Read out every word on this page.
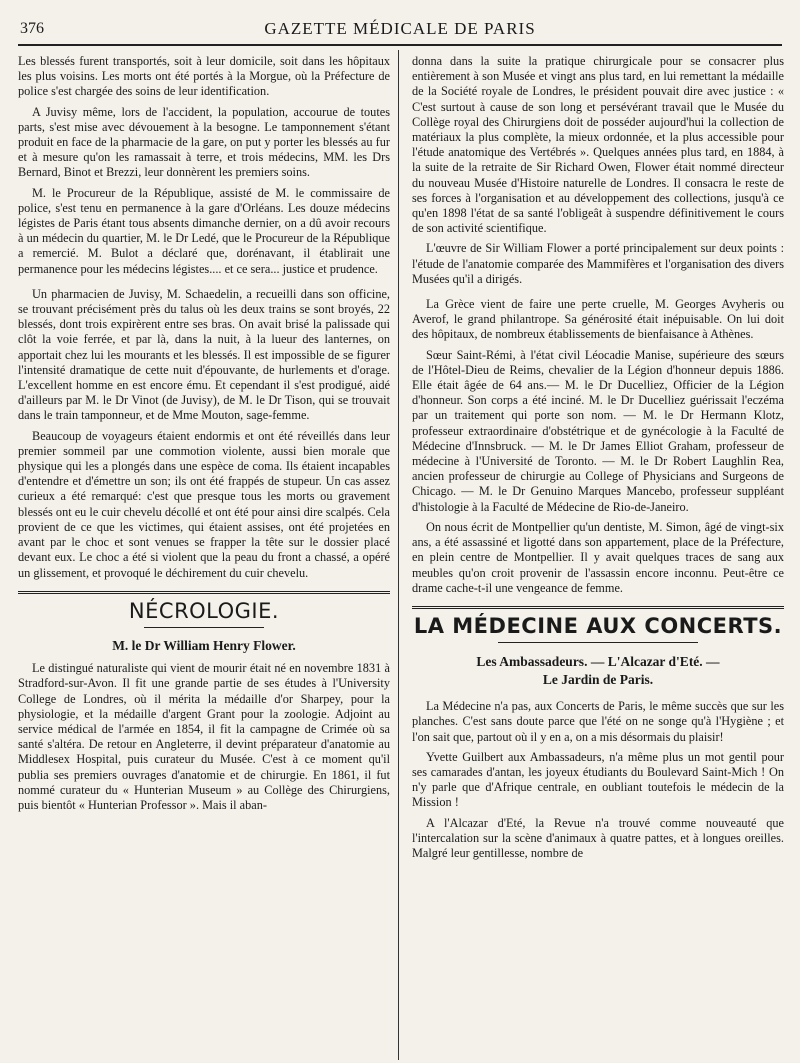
376	GAZETTE MÉDICALE DE PARIS

Les blessés furent transportés, soit à leur domicile, soit dans les hôpitaux les plus voisins. Les morts ont été portés à la Morgue, où la Préfecture de police s'est chargée des soins de leur identification.

A Juvisy même, lors de l'accident, la population, accourue de toutes parts, s'est mise avec dévouement à la besogne. Le tamponnement s'étant produit en face de la pharmacie de la gare, on put y porter les blessés au fur et à mesure qu'on les ramassait à terre, et trois médecins, MM. les Drs Bernard, Binot et Brezzi, leur donnèrent les premiers soins.

M. le Procureur de la République, assisté de M. le commissaire de police, s'est tenu en permanence à la gare d'Orléans. Les douze médecins légistes de Paris étant tous absents dimanche dernier, on a dû avoir recours à un médecin du quartier, M. le Dr Ledé, que le Procureur de la République a remercié. M. Bulot a déclaré que, dorénavant, il établirait une permanence pour les médecins légistes.... et ce sera... justice et prudence.

Un pharmacien de Juvisy, M. Schaedelin, a recueilli dans son officine, se trouvant précisément près du talus où les deux trains se sont broyés, 22 blessés, dont trois expirèrent entre ses bras. On avait brisé la palissade qui clôt la voie ferrée, et par là, dans la nuit, à la lueur des lanternes, on apportait chez lui les mourants et les blessés. Il est impossible de se figurer l'intensité dramatique de cette nuit d'épouvante, de hurlements et d'orage. L'excellent homme en est encore ému. Et cependant il s'est prodigué, aidé d'ailleurs par M. le Dr Vinot (de Juvisy), de M. le Dr Tison, qui se trouvait dans le train tamponneur, et de Mme Mouton, sage-femme.

Beaucoup de voyageurs étaient endormis et ont été réveillés dans leur premier sommeil par une commotion violente, aussi bien morale que physique qui les a plongés dans une espèce de coma. Ils étaient incapables d'entendre et d'émettre un son; ils ont été frappés de stupeur. Un cas assez curieux a été remarqué: c'est que presque tous les morts ou gravement blessés ont eu le cuir chevelu décollé et ont été pour ainsi dire scalpés. Cela provient de ce que les victimes, qui étaient assises, ont été projetées en avant par le choc et sont venues se frapper la tête sur le dossier placé devant eux. Le choc a été si violent que la peau du front a chassé, a opéré un glissement, et provoqué le déchirement du cuir chevelu.

NÉCROLOGIE.
M. le Dr William Henry Flower.

Le distingué naturaliste qui vient de mourir était né en novembre 1831 à Stradford-sur-Avon. Il fit une grande partie de ses études à l'University College de Londres, où il mérita la médaille d'or Sharpey, pour la physiologie, et la médaille d'argent Grant pour la zoologie. Adjoint au service médical de l'armée en 1854, il fit la campagne de Crimée où sa santé s'altéra. De retour en Angleterre, il devint préparateur d'anatomie au Middlesex Hospital, puis curateur du Musée. C'est à ce moment qu'il publia ses premiers ouvrages d'anatomie et de chirurgie. En 1861, il fut nommé curateur du « Hunterian Museum » au Collège des Chirurgiens, puis bientôt « Hunterian Professor ». Mais il aban-

donna dans la suite la pratique chirurgicale pour se consacrer plus entièrement à son Musée et vingt ans plus tard, en lui remettant la médaille de la Société royale de Londres, le président pouvait dire avec justice : « C'est surtout à cause de son long et persévérant travail que le Musée du Collège royal des Chirurgiens doit de posséder aujourd'hui la collection de matériaux la plus complète, la mieux ordonnée, et la plus accessible pour l'étude anatomique des Vertébrés ». Quelques années plus tard, en 1884, à la suite de la retraite de Sir Richard Owen, Flower était nommé directeur du nouveau Musée d'Histoire naturelle de Londres. Il consacra le reste de ses forces à l'organisation et au développement des collections, jusqu'à ce qu'en 1898 l'état de sa santé l'obligeât à suspendre définitivement le cours de son activité scientifique.

L'œuvre de Sir William Flower a porté principalement sur deux points : l'étude de l'anatomie comparée des Mammifères et l'organisation des divers Musées qu'il a dirigés.

La Grèce vient de faire une perte cruelle, M. Georges Avyheris ou Averof, le grand philantrope. Sa générosité était inépuisable. On lui doit des hôpitaux, de nombreux établissements de bienfaisance à Athènes.

Sœur Saint-Rémi, à l'état civil Léocadie Manise, supérieure des sœurs de l'Hôtel-Dieu de Reims, chevalier de la Légion d'honneur depuis 1886. Elle était âgée de 64 ans.— M. le Dr Ducelliez, Officier de la Légion d'honneur. Son corps a été inciné. M. le Dr Ducelliez guérissait l'eczéma par un traitement qui porte son nom. — M. le Dr Hermann Klotz, professeur extraordinaire d'obstétrique et de gynécologie à la Faculté de Médecine d'Innsbruck. — M. le Dr James Elliot Graham, professeur de médecine à l'Université de Toronto. — M. le Dr Robert Laughlin Rea, ancien professeur de chirurgie au College of Physicians and Surgeons de Chicago. — M. le Dr Genuino Marques Mancebo, professeur suppléant d'histologie à la Faculté de Médecine de Rio-de-Janeiro.

On nous écrit de Montpellier qu'un dentiste, M. Simon, âgé de vingt-six ans, a été assassiné et ligotté dans son appartement, place de la Préfecture, en plein centre de Montpellier. Il y avait quelques traces de sang aux meubles qu'on croit provenir de l'assassin encore inconnu. Peut-être ce drame cache-t-il une vengeance de femme.

LA MÉDECINE AUX CONCERTS.
Les Ambassadeurs. — L'Alcazar d'Eté. —
Le Jardin de Paris.

La Médecine n'a pas, aux Concerts de Paris, le même succès que sur les planches. C'est sans doute parce que l'été on ne songe qu'à l'Hygiène ; et l'on sait que, partout où il y en a, on a mis désormais du plaisir!

Yvette Guilbert aux Ambassadeurs, n'a même plus un mot gentil pour ses camarades d'antan, les joyeux étudiants du Boulevard Saint-Mich ! On n'y parle que d'Afrique centrale, en oubliant toutefois le médecin de la Mission !

A l'Alcazar d'Eté, la Revue n'a trouvé comme nouveauté que l'intercalation sur la scène d'animaux à quatre pattes, et à longues oreilles. Malgré leur gentillesse, nombre de
